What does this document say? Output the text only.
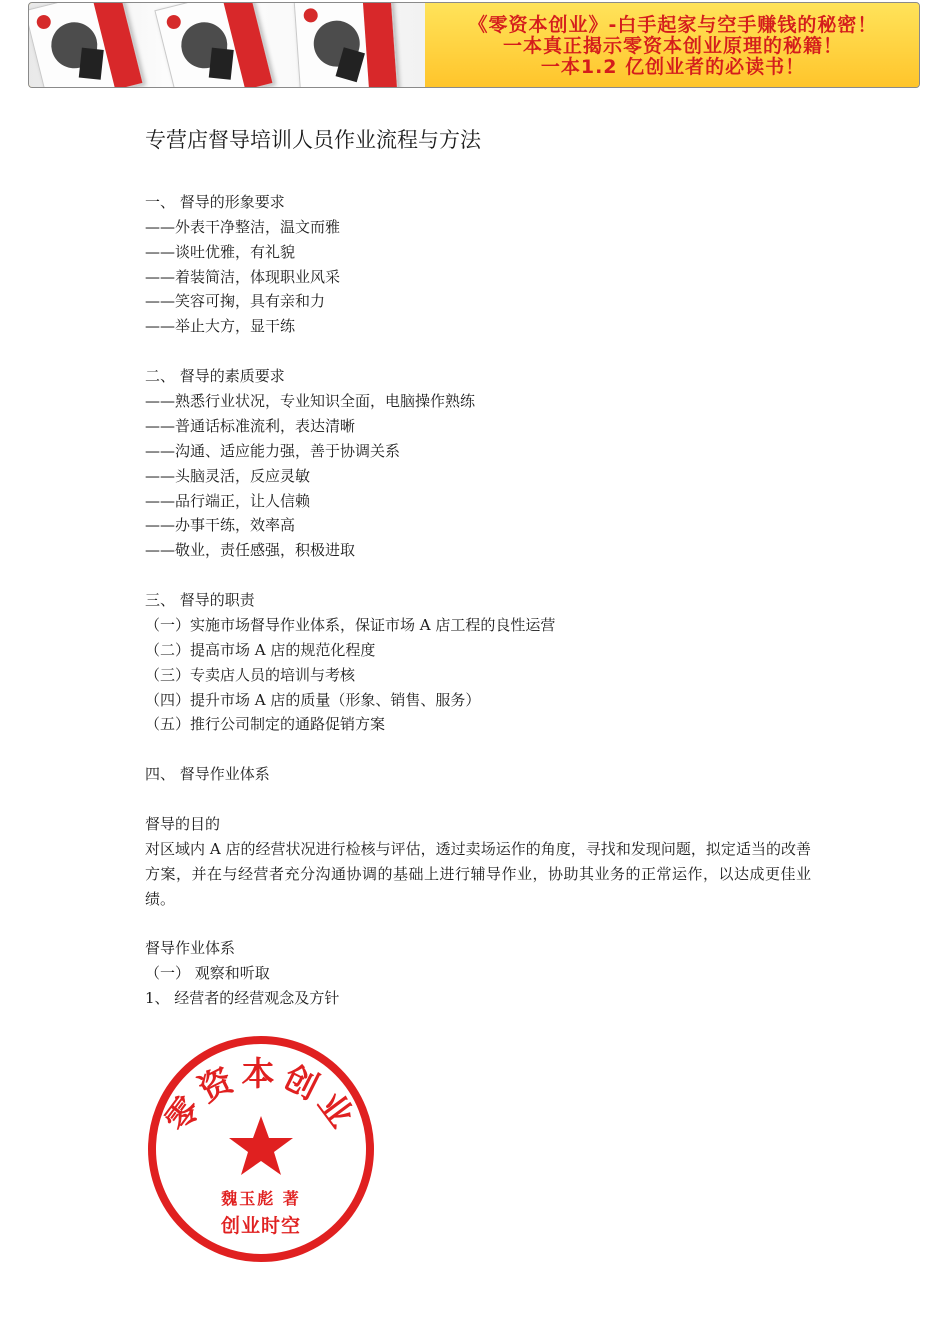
《零资本创业》-白手起家与空手赚钱的秘密！
一本真正揭示零资本创业原理的秘籍！
一本1.2 亿创业者的必读书！
专营店督导培训人员作业流程与方法
一、 督导的形象要求
——外表干净整洁，温文而雅
——谈吐优雅，有礼貌
——着装简洁，体现职业风采
——笑容可掬，具有亲和力
——举止大方，显干练
二、 督导的素质要求
——熟悉行业状况，专业知识全面，电脑操作熟练
——普通话标准流利，表达清晰
——沟通、适应能力强，善于协调关系
——头脑灵活，反应灵敏
——品行端正，让人信赖
——办事干练，效率高
——敬业，责任感强，积极进取
三、 督导的职责
（一）实施市场督导作业体系，保证市场 A 店工程的良性运营
（二）提高市场 A 店的规范化程度
（三）专卖店人员的培训与考核
（四）提升市场 A 店的质量（形象、销售、服务）
（五）推行公司制定的通路促销方案
四、 督导作业体系
督导的目的
对区域内 A 店的经营状况进行检核与评估，透过卖场运作的角度，寻找和发现问题，拟定适当的改善方案，并在与经营者充分沟通协调的基础上进行辅导作业，协助其业务的正常运作，以达成更佳业绩。
督导作业体系
（一） 观察和听取
1、 经营者的经营观念及方针
零资本创业
魏玉彪 著
创业时空
